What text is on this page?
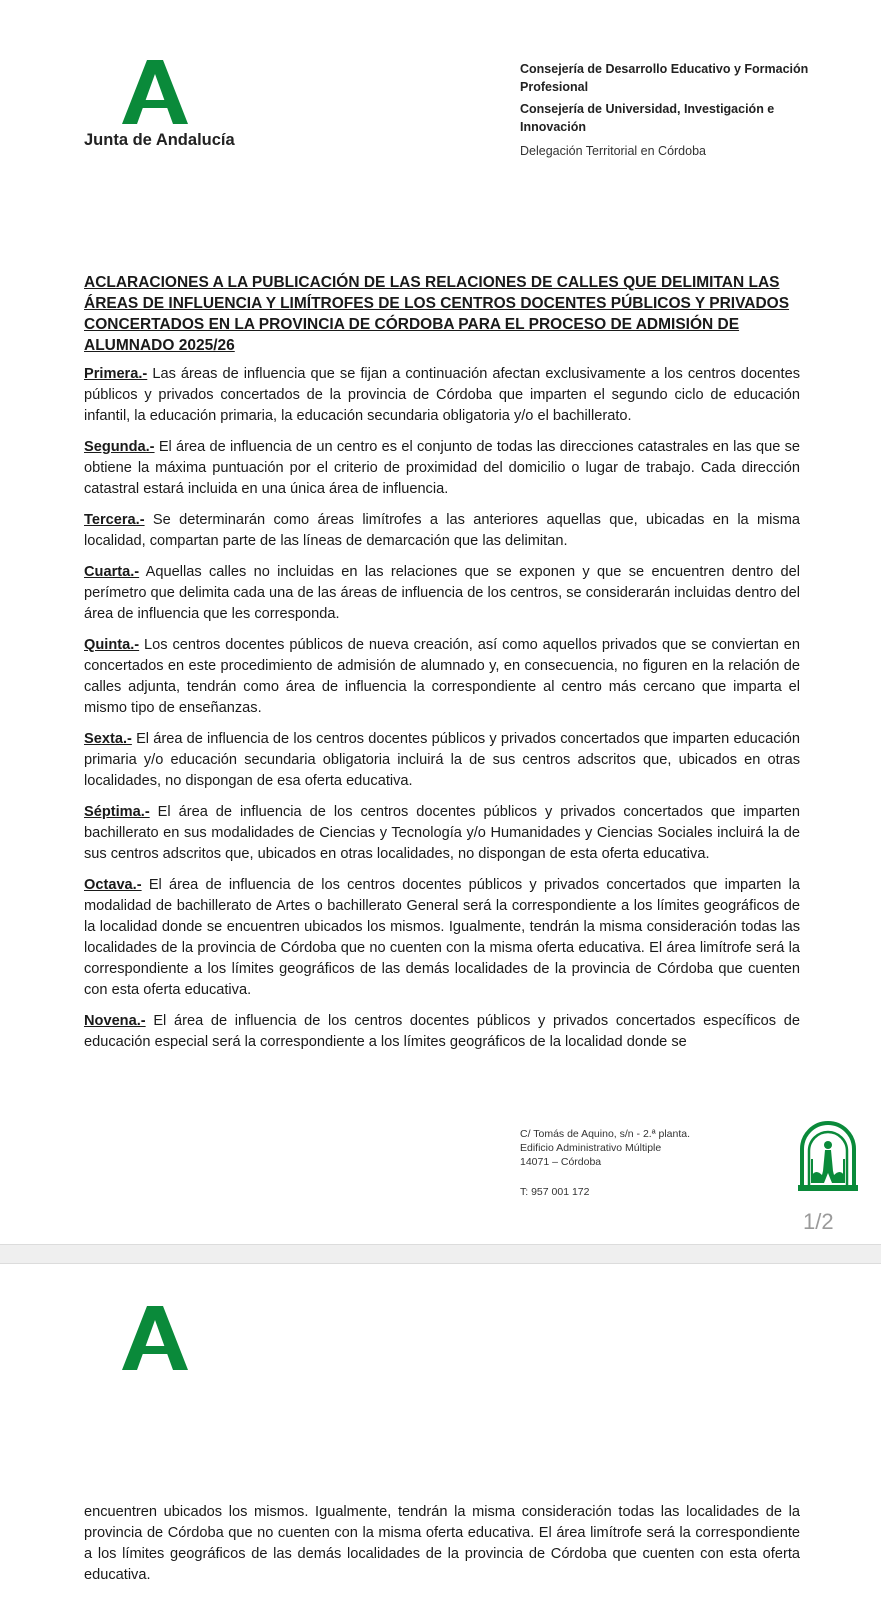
Junta de Andalucía
Consejería de Desarrollo Educativo y Formación Profesional
Consejería de Universidad, Investigación e Innovación
Delegación Territorial en Córdoba
ACLARACIONES A LA PUBLICACIÓN DE LAS RELACIONES DE CALLES QUE DELIMITAN LAS ÁREAS DE INFLUENCIA Y LIMÍTROFES DE LOS CENTROS DOCENTES PÚBLICOS Y PRIVADOS CONCERTADOS EN LA PROVINCIA DE CÓRDOBA PARA EL PROCESO DE ADMISIÓN DE ALUMNADO 2025/26

Primera.- Las áreas de influencia que se fijan a continuación afectan exclusivamente a los centros docentes públicos y privados concertados de la provincia de Córdoba que imparten el segundo ciclo de educación infantil, la educación primaria, la educación secundaria obligatoria y/o el bachillerato.

Segunda.- El área de influencia de un centro es el conjunto de todas las direcciones catastrales en las que se obtiene la máxima puntuación por el criterio de proximidad del domicilio o lugar de trabajo. Cada dirección catastral estará incluida en una única área de influencia.

Tercera.- Se determinarán como áreas limítrofes a las anteriores aquellas que, ubicadas en la misma localidad, compartan parte de las líneas de demarcación que las delimitan.

Cuarta.- Aquellas calles no incluidas en las relaciones que se exponen y que se encuentren dentro del perímetro que delimita cada una de las áreas de influencia de los centros, se considerarán incluidas dentro del área de influencia que les corresponda.

Quinta.- Los centros docentes públicos de nueva creación, así como aquellos privados que se conviertan en concertados en este procedimiento de admisión de alumnado y, en consecuencia, no figuren en la relación de calles adjunta, tendrán como área de influencia la correspondiente al centro más cercano que imparta el mismo tipo de enseñanzas.

Sexta.- El área de influencia de los centros docentes públicos y privados concertados que imparten educación primaria y/o educación secundaria obligatoria incluirá la de sus centros adscritos que, ubicados en otras localidades, no dispongan de esa oferta educativa.

Séptima.- El área de influencia de los centros docentes públicos y privados concertados que imparten bachillerato en sus modalidades de Ciencias y Tecnología y/o Humanidades y Ciencias Sociales incluirá la de sus centros adscritos que, ubicados en otras localidades, no dispongan de esta oferta educativa.

Octava.- El área de influencia de los centros docentes públicos y privados concertados que imparten la modalidad de bachillerato de Artes o bachillerato General será la correspondiente a los límites geográficos de la localidad donde se encuentren ubicados los mismos. Igualmente, tendrán la misma consideración todas las localidades de la provincia de Córdoba que no cuenten con la misma oferta educativa. El área limítrofe será la correspondiente a los límites geográficos de las demás localidades de la provincia de Córdoba que cuenten con esta oferta educativa.

Novena.- El área de influencia de los centros docentes públicos y privados concertados específicos de educación especial será la correspondiente a los límites geográficos de la localidad donde se

C/ Tomás de Aquino, s/n - 2.ª planta.
Edificio Administrativo Múltiple
14071 – Córdoba
T: 957 001 172
1/2

encuentren ubicados los mismos. Igualmente, tendrán la misma consideración todas las localidades de la provincia de Córdoba que no cuenten con la misma oferta educativa. El área limítrofe será la correspondiente a los límites geográficos de las demás localidades de la provincia de Córdoba que cuenten con esta oferta educativa.
